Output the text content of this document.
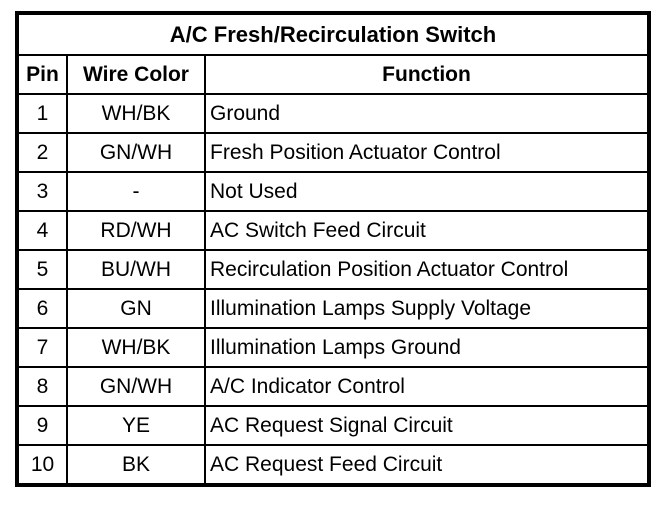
A/C Fresh/Recirculation Switch		
Pin	Wire Color	Function
1	WH/BK	Ground
2	GN/WH	Fresh Position Actuator Control
3	-	Not Used
4	RD/WH	AC Switch Feed Circuit
5	BU/WH	Recirculation Position Actuator Control
6	GN	Illumination Lamps Supply Voltage
7	WH/BK	Illumination Lamps Ground
8	GN/WH	A/C Indicator Control
9	YE	AC Request Signal Circuit
10	BK	AC Request Feed Circuit
